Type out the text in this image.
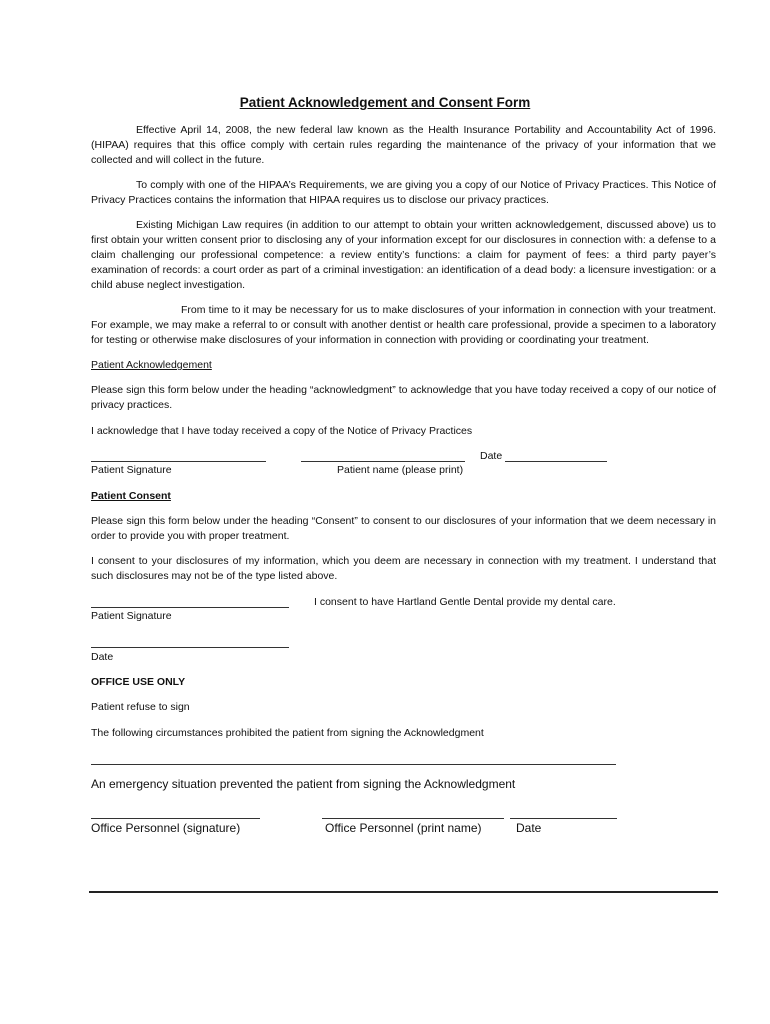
Patient Acknowledgement and Consent Form
Effective April 14, 2008, the new federal law known as the Health Insurance Portability and Accountability Act of 1996. (HIPAA) requires that this office comply with certain rules regarding the maintenance of the privacy of your information that we collected and will collect in the future.
To comply with one of the HIPAA’s Requirements, we are giving you a copy of our Notice of Privacy Practices. This Notice of Privacy Practices contains the information that HIPAA requires us to disclose our privacy practices.
Existing Michigan Law requires (in addition to our attempt to obtain your written acknowledgement, discussed above) us to first obtain your written consent prior to disclosing any of your information except for our disclosures in connection with: a defense to a claim challenging our professional competence: a review entity’s functions: a claim for payment of fees: a third party payer’s examination of records: a court order as part of a criminal investigation: an identification of a dead body: a licensure investigation: or a child abuse neglect investigation.
From time to it may be necessary for us to make disclosures of your information in connection with your treatment. For example, we may make a referral to or consult with another dentist or health care professional, provide a specimen to a laboratory for testing or otherwise make disclosures of your information in connection with providing or coordinating your treatment.
Patient Acknowledgement
Please sign this form below under the heading “acknowledgment” to acknowledge that you have today received a copy of our notice of privacy practices.
I acknowledge that I have today received a copy of the Notice of Privacy Practices
Date
Patient Signature	Patient name (please print)
Patient Consent
Please sign this form below under the heading “Consent” to consent to our disclosures of your information that we deem necessary in order to provide you with proper treatment.
I consent to your disclosures of my information, which you deem are necessary in connection with my treatment. I understand that such disclosures may not be of the type listed above.
I consent to have Hartland Gentle Dental provide my dental care.
Patient Signature
Date
OFFICE USE ONLY
Patient refuse to sign
The following circumstances prohibited the patient from signing the Acknowledgment
An emergency situation prevented the patient from signing the Acknowledgment
Office Personnel (signature)	Office Personnel (print name)	Date
